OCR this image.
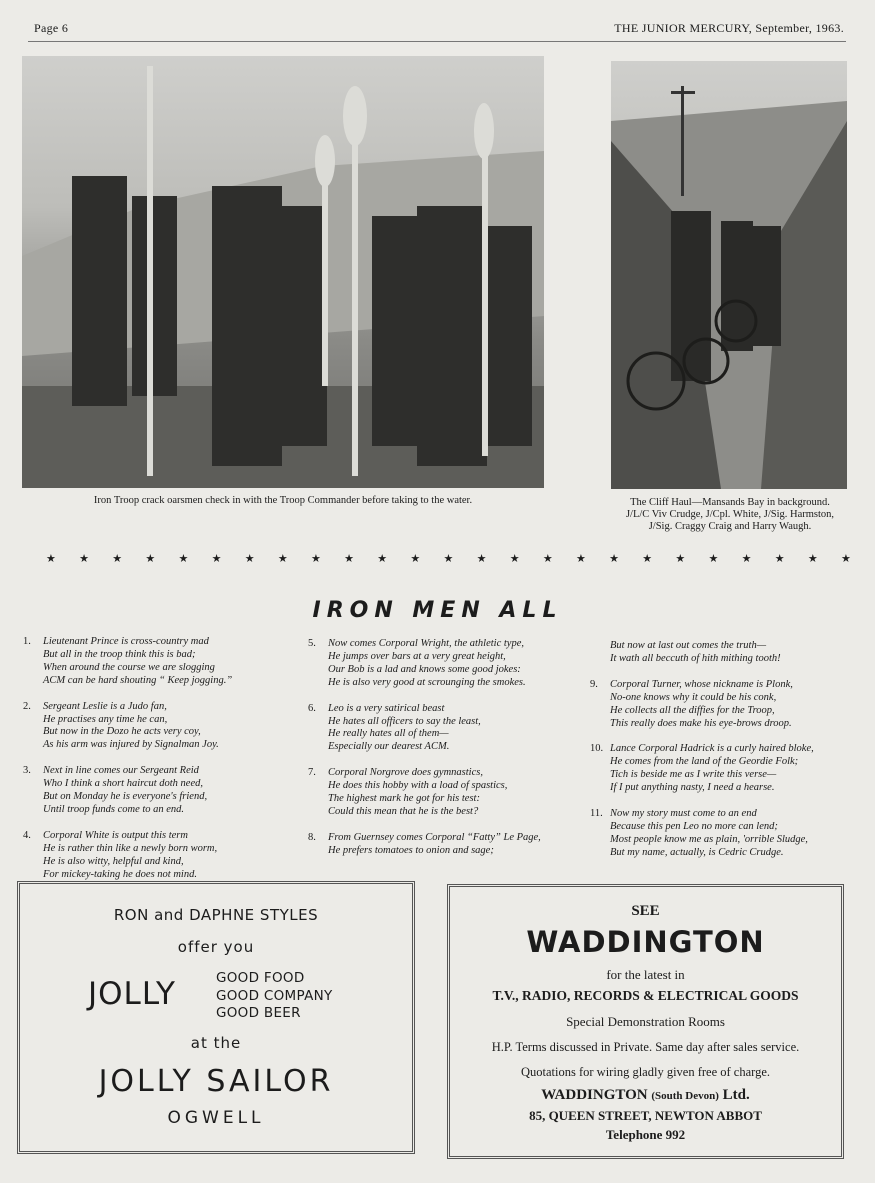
Page 6	THE JUNIOR MERCURY, September, 1963.
Iron Troop crack oarsmen check in with the Troop Commander before taking to the water.	The Cliff Haul—Mansands Bay in background.
J/L/C Viv Crudge, J/Cpl. White, J/Sig. Harmston,
J/Sig. Craggy Craig and Harry Waugh.
★ ★ ★ ★ ★ ★ ★ ★ ★ ★ ★ ★ ★ ★ ★ ★ ★ ★ ★ ★ ★ ★ ★ ★ ★
IRON MEN ALL
1. Lieutenant Prince is cross-country mad
But all in the troop think this is bad;
When around the course we are slogging
ACM can be hard shouting “ Keep jogging.”
2. Sergeant Leslie is a Judo fan,
He practises any time he can,
But now in the Dozo he acts very coy,
As his arm was injured by Signalman Joy.
3. Next in line comes our Sergeant Reid
Who I think a short haircut doth need,
But on Monday he is everyone's friend,
Until troop funds come to an end.
4. Corporal White is output this term
He is rather thin like a newly born worm,
He is also witty, helpful and kind,
For mickey-taking he does not mind.
5. Now comes Corporal Wright, the athletic type,
He jumps over bars at a very great height,
Our Bob is a lad and knows some good jokes:
He is also very good at scrounging the smokes.
6. Leo is a very satirical beast
He hates all officers to say the least,
He really hates all of them—
Especially our dearest ACM.
7. Corporal Norgrove does gymnastics,
He does this hobby with a load of spastics,
The highest mark he got for his test:
Could this mean that he is the best?
8. From Guernsey comes Corporal “Fatty” Le Page,
He prefers tomatoes to onion and sage;
But now at last out comes the truth—
It wath all beccuth of hith mithing tooth!
9. Corporal Turner, whose nickname is Plonk,
No-one knows why it could be his conk,
He collects all the diffies for the Troop,
This really does make his eye-brows droop.
10. Lance Corporal Hadrick is a curly haired bloke,
He comes from the land of the Geordie Folk;
Tich is beside me as I write this verse—
If I put anything nasty, I need a hearse.
11. Now my story must come to an end
Because this pen Leo no more can lend;
Most people know me as plain, 'orrible Sludge,
But my name, actually, is Cedric Crudge.
RON and DAPHNE STYLES
offer you
JOLLY	GOOD FOOD
GOOD COMPANY
GOOD BEER
at the
JOLLY SAILOR
OGWELL
SEE
WADDINGTON
for the latest in
T.V., RADIO, RECORDS & ELECTRICAL GOODS
Special Demonstration Rooms
H.P. Terms discussed in Private. Same day after sales service.
Quotations for wiring gladly given free of charge.
WADDINGTON (South Devon) Ltd.
85, QUEEN STREET, NEWTON ABBOT
Telephone 992
